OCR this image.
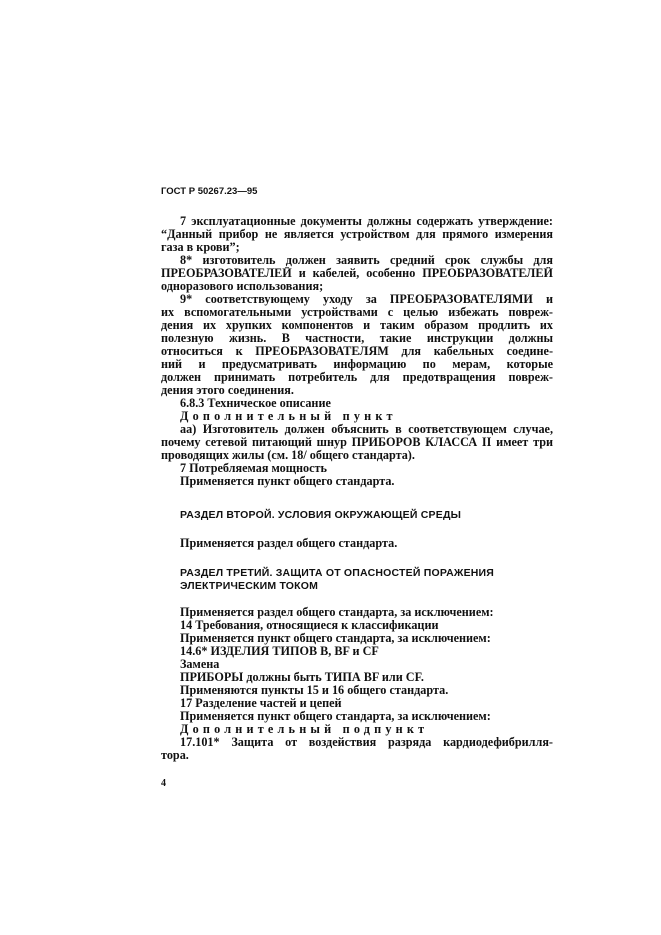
ГОСТ Р 50267.23—95
7 эксплуатационные документы должны содержать утверждение:
“Данный прибор не является устройством для прямого измерения
газа в крови”;
8* изготовитель должен заявить средний срок службы для
ПРЕОБРАЗОВАТЕЛЕЙ и кабелей, особенно ПРЕОБРАЗОВАТЕЛЕЙ
одноразового использования;
9* соответствующему уходу за ПРЕОБРАЗОВАТЕЛЯМИ и
их вспомогательными устройствами с целью избежать повреж-
дения их хрупких компонентов и таким образом продлить их
полезную жизнь. В частности, такие инструкции должны
относиться к ПРЕОБРАЗОВАТЕЛЯМ для кабельных соедине-
ний и предусматривать информацию по мерам, которые
должен принимать потребитель для предотвращения повреж-
дения этого соединения.
6.8.3 Техническое описание
Дополнительный пункт
аа) Изготовитель должен объяснить в соответствующем случае,
почему сетевой питающий шнур ПРИБОРОВ КЛАССА II имеет три
проводящих жилы (см. 18/ общего стандарта).
7 Потребляемая мощность
Применяется пункт общего стандарта.
РАЗДЕЛ ВТОРОЙ. УСЛОВИЯ ОКРУЖАЮЩЕЙ СРЕДЫ
Применяется раздел общего стандарта.
РАЗДЕЛ ТРЕТИЙ. ЗАЩИТА ОТ ОПАСНОСТЕЙ ПОРАЖЕНИЯ
ЭЛЕКТРИЧЕСКИМ ТОКОМ
Применяется раздел общего стандарта, за исключением:
14 Требования, относящиеся к классификации
Применяется пункт общего стандарта, за исключением:
14.6* ИЗДЕЛИЯ ТИПОВ B, BF и CF
Замена
ПРИБОРЫ должны быть ТИПА BF или CF.
Применяются пункты 15 и 16 общего стандарта.
17 Разделение частей и цепей
Применяется пункт общего стандарта, за исключением:
Дополнительный подпункт
17.101* Защита от воздействия разряда кардиодефибрилля-
тора.
4
